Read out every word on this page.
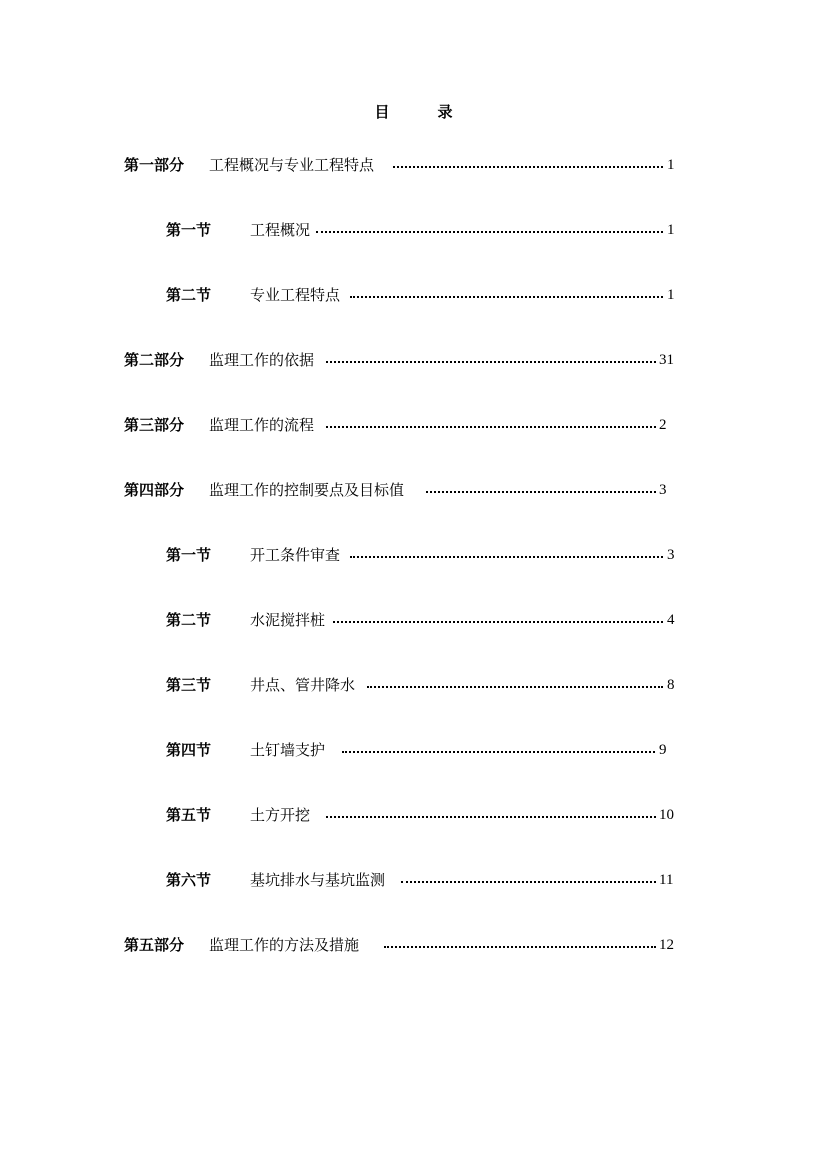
目	录
第一部分 工程概况与专业工程特点	1
第一节	工程概况	1
第二节	专业工程特点	1
第二部分 监理工作的依据	31
第三部分 监理工作的流程	2
第四部分 监理工作的控制要点及目标值	3
第一节	开工条件审查	3
第二节	水泥搅拌桩	4
第三节	井点、管井降水	8
第四节	土钉墙支护	9
第五节	土方开挖	10
第六节	基坑排水与基坑监测	11
第五部分 监理工作的方法及措施	12
